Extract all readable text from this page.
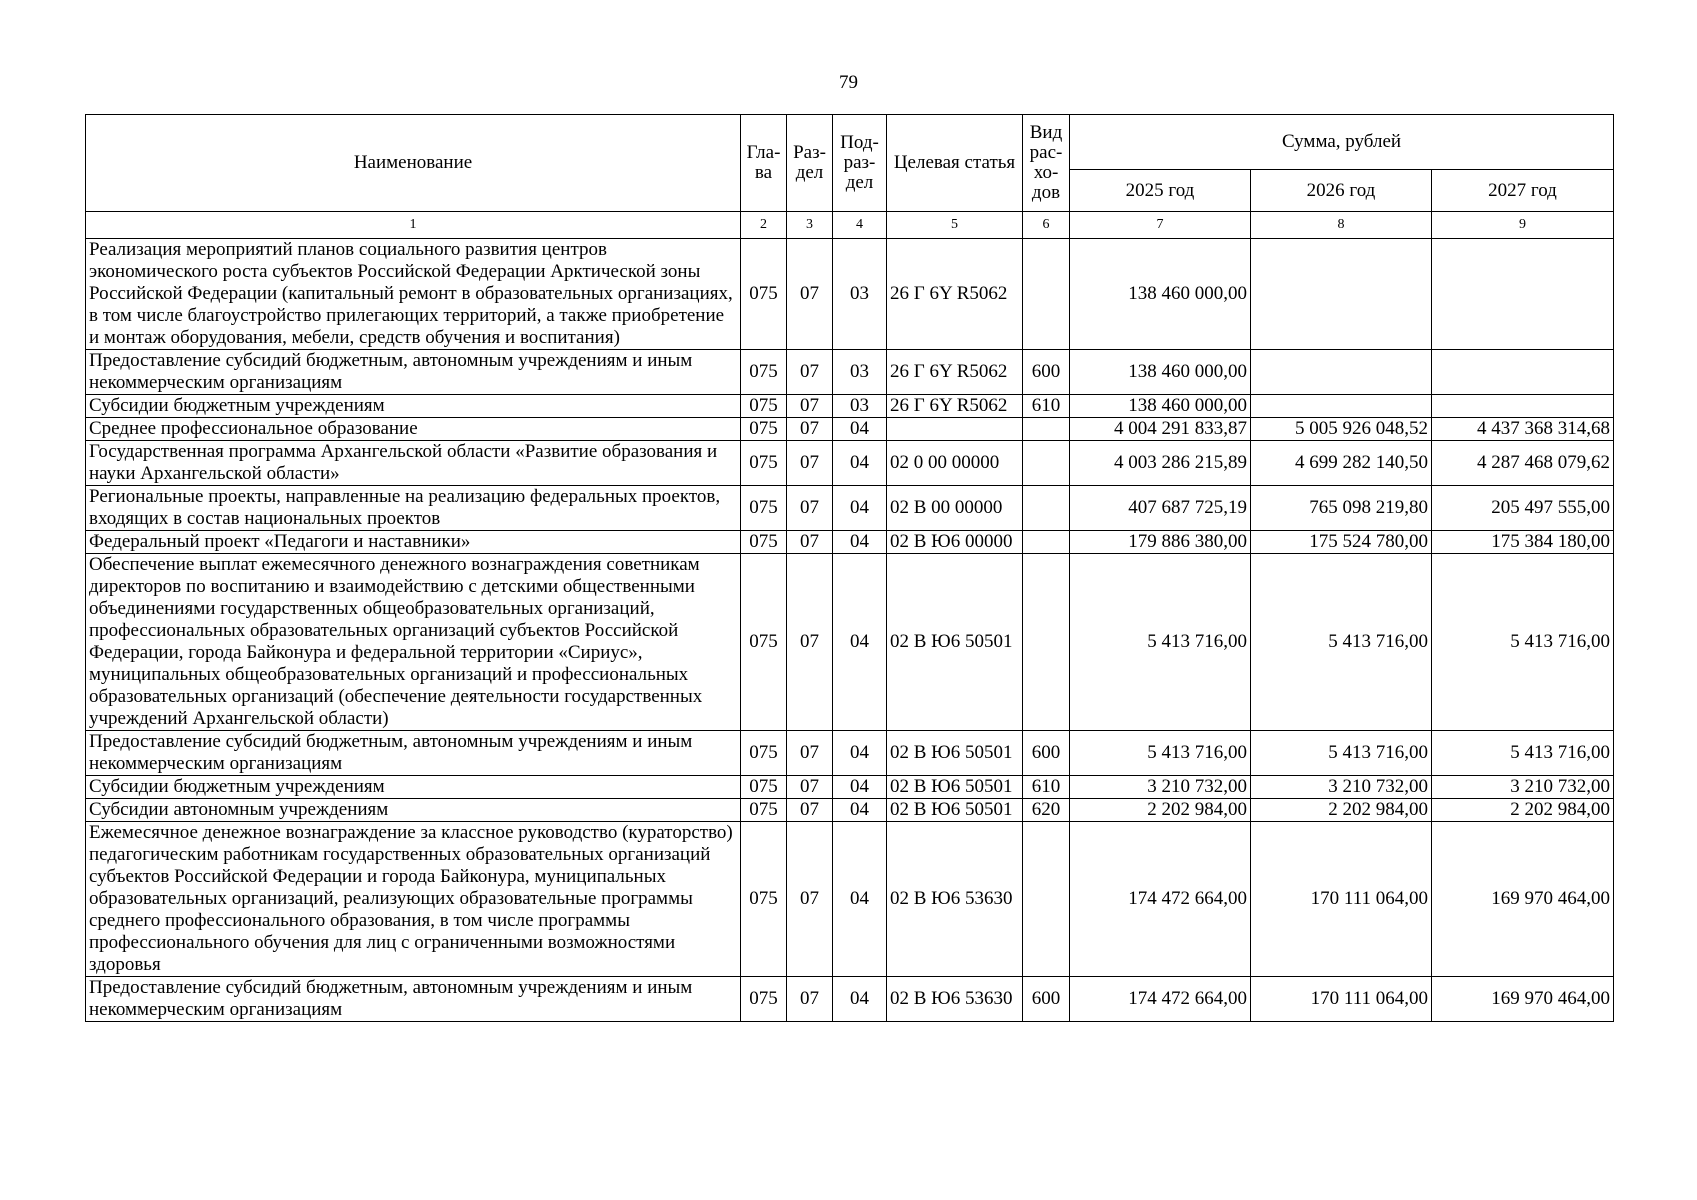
79
Наименование	Гла-ва	Раз-дел	Под-раз-дел	Целевая статья	Вид рас-хо-дов	Сумма, рублей		
						2025 год	2026 год	2027 год
1	2	3	4	5	6	7	8	9
Реализация мероприятий планов социального развития центров экономического роста субъектов Российской Федерации Арктической зоны Российской Федерации (капитальный ремонт в образовательных организациях, в том числе благоустройство прилегающих территорий, а также приобретение и монтаж оборудования, мебели, средств обучения и воспитания)	075	07	03	26 Г 6Y R5062		138 460 000,00		
Предоставление субсидий бюджетным, автономным учреждениям и иным некоммерческим организациям	075	07	03	26 Г 6Y R5062	600	138 460 000,00		
Субсидии бюджетным учреждениям	075	07	03	26 Г 6Y R5062	610	138 460 000,00		
Среднее профессиональное образование	075	07	04			4 004 291 833,87	5 005 926 048,52	4 437 368 314,68
Государственная программа Архангельской области «Развитие образования и науки Архангельской области»	075	07	04	02 0 00 00000		4 003 286 215,89	4 699 282 140,50	4 287 468 079,62
Региональные проекты, направленные на реализацию федеральных проектов, входящих в состав национальных проектов	075	07	04	02 В 00 00000		407 687 725,19	765 098 219,80	205 497 555,00
Федеральный проект «Педагоги и наставники»	075	07	04	02 В Ю6 00000		179 886 380,00	175 524 780,00	175 384 180,00
Обеспечение выплат ежемесячного денежного вознаграждения советникам директоров по воспитанию и взаимодействию с детскими общественными объединениями государственных общеобразовательных организаций, профессиональных образовательных организаций субъектов Российской Федерации, города Байконура и федеральной территории «Сириус», муниципальных общеобразовательных организаций и профессиональных образовательных организаций (обеспечение деятельности государственных учреждений Архангельской области)	075	07	04	02 В Ю6 50501		5 413 716,00	5 413 716,00	5 413 716,00
Предоставление субсидий бюджетным, автономным учреждениям и иным некоммерческим организациям	075	07	04	02 В Ю6 50501	600	5 413 716,00	5 413 716,00	5 413 716,00
Субсидии бюджетным учреждениям	075	07	04	02 В Ю6 50501	610	3 210 732,00	3 210 732,00	3 210 732,00
Субсидии автономным учреждениям	075	07	04	02 В Ю6 50501	620	2 202 984,00	2 202 984,00	2 202 984,00
Ежемесячное денежное вознаграждение за классное руководство (кураторство) педагогическим работникам государственных образовательных организаций субъектов Российской Федерации и города Байконура, муниципальных образовательных организаций, реализующих образовательные программы среднего профессионального образования, в том числе программы профессионального обучения для лиц с ограниченными возможностями здоровья	075	07	04	02 В Ю6 53630		174 472 664,00	170 111 064,00	169 970 464,00
Предоставление субсидий бюджетным, автономным учреждениям и иным некоммерческим организациям	075	07	04	02 В Ю6 53630	600	174 472 664,00	170 111 064,00	169 970 464,00
